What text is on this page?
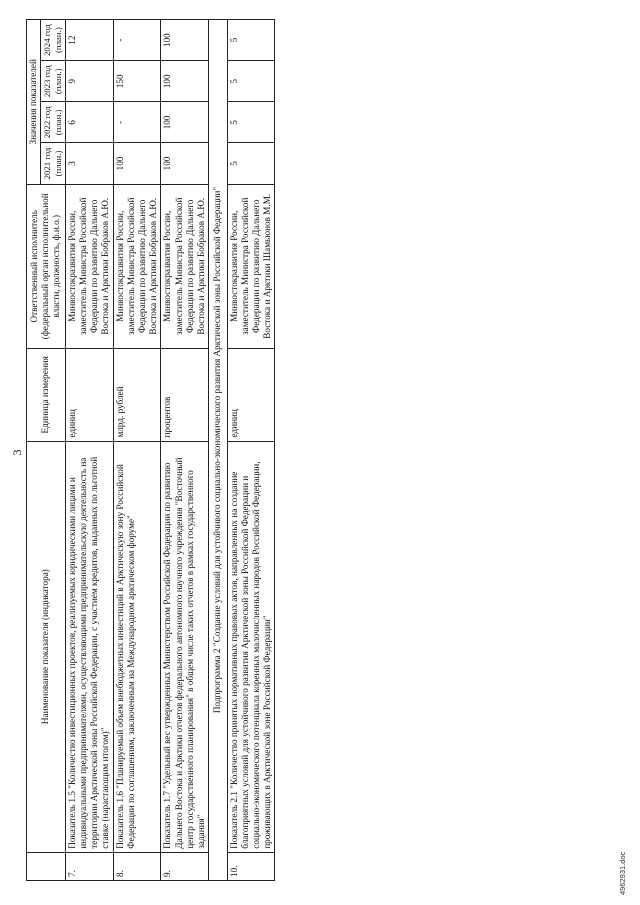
3
	Наименование показателя (индикатора)	Единица измерения	Ответственный исполнитель (федеральный орган исполнительной власти, должность, ф.и.о.)	Значения показателей			
				2021 год (план.)	2022 год (план.)	2023 год (план.)	2024 год (план.)
7.	Показатель 1.5 "Количество инвестиционных проектов, реализуемых юридическими лицами и индивидуальными предпринимателями, осуществляющими предпринимательскую деятельность на территории Арктической зоны Российской Федерации, с участием кредитов, выданных по льготной ставке (нарастающим итогом)"	единиц	Минвостокразвития России, заместитель Министра Российской Федерации по развитию Дальнего Востока и Арктики Бобраков А.Ю.	3	6	9	12
8.	Показатель 1.6 "Планируемый объем внебюджетных инвестиций в Арктическую зону Российской Федерации по соглашениям, заключенным на Международном арктическом форуме"	млрд. рублей	Минвостокразвития России, заместитель Министра Российской Федерации по развитию Дальнего Востока и Арктики Бобраков А.Ю.	100	-	150	-
9.	Показатель 1.7 "Удельный вес утвержденных Министерством Российской Федерации по развитию Дальнего Востока и Арктики отчетов федерального автономного научного учреждения "Восточный центр государственного планирования" в общем числе таких отчетов в рамках государственного задания"	процентов	Минвостокразвития России, заместитель Министра Российской Федерации по развитию Дальнего Востока и Арктики Бобраков А.Ю.	100	100	100	100
Подпрограмма 2 "Создание условий для устойчивого социально-экономического развития Арктической зоны Российской Федерации"							
10.	Показатель 2.1 "Количество принятых нормативных правовых актов, направленных на создание благоприятных условий для устойчивого развития Арктической зоны Российской Федерации и социально-экономического потенциала коренных малочисленных народов Российской Федерации, проживающих в Арктической зоне Российской Федерации"	единиц	Минвостокразвития России, заместитель Министра Российской Федерации по развитию Дальнего Востока и Арктики Шамьюнов М.М.	5	5	5	5
4962931.doc
